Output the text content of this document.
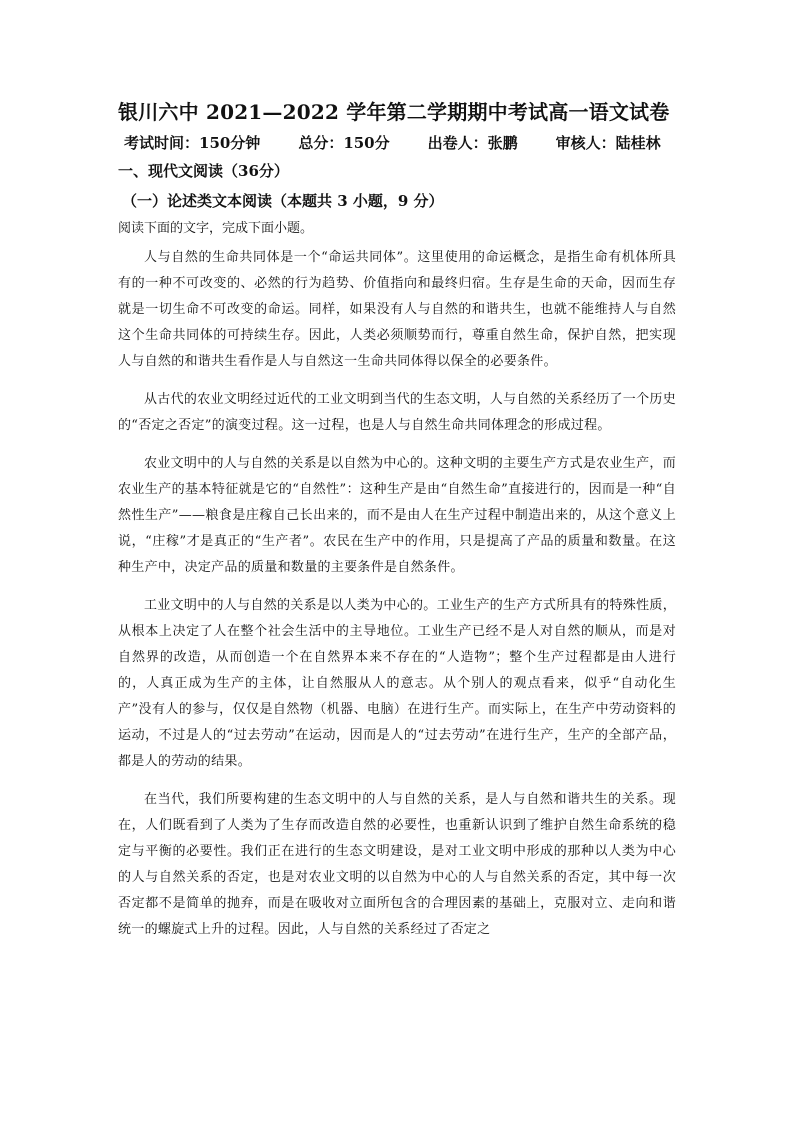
银川六中 2021—2022 学年第二学期期中考试高一语文试卷
考试时间：150分钟	总分：150分	出卷人：张鹏	审核人：陆桂林
一、现代文阅读（36分）
（一）论述类文本阅读（本题共 3 小题，9 分）
阅读下面的文字，完成下面小题。

人与自然的生命共同体是一个“命运共同体”。这里使用的命运概念，是指生命有机体所具有的一种不可改变的、必然的行为趋势、价值指向和最终归宿。生存是生命的天命，因而生存就是一切生命不可改变的命运。同样，如果没有人与自然的和谐共生，也就不能维持人与自然这个生命共同体的可持续生存。因此，人类必须顺势而行，尊重自然生命，保护自然，把实现人与自然的和谐共生看作是人与自然这一生命共同体得以保全的必要条件。

从古代的农业文明经过近代的工业文明到当代的生态文明，人与自然的关系经历了一个历史的“否定之否定”的演变过程。这一过程，也是人与自然生命共同体理念的形成过程。

农业文明中的人与自然的关系是以自然为中心的。这种文明的主要生产方式是农业生产，而农业生产的基本特征就是它的“自然性”：这种生产是由“自然生命”直接进行的，因而是一种“自然性生产”——粮食是庄稼自己长出来的，而不是由人在生产过程中制造出来的，从这个意义上说，“庄稼”才是真正的“生产者”。农民在生产中的作用，只是提高了产品的质量和数量。在这种生产中，决定产品的质量和数量的主要条件是自然条件。

工业文明中的人与自然的关系是以人类为中心的。工业生产的生产方式所具有的特殊性质，从根本上决定了人在整个社会生活中的主导地位。工业生产已经不是人对自然的顺从，而是对自然界的改造，从而创造一个在自然界本来不存在的“人造物”；整个生产过程都是由人进行的，人真正成为生产的主体，让自然服从人的意志。从个别人的观点看来，似乎“自动化生产”没有人的参与，仅仅是自然物（机器、电脑）在进行生产。而实际上，在生产中劳动资料的运动，不过是人的“过去劳动”在运动，因而是人的“过去劳动”在进行生产，生产的全部产品，都是人的劳动的结果。

在当代，我们所要构建的生态文明中的人与自然的关系，是人与自然和谐共生的关系。现在，人们既看到了人类为了生存而改造自然的必要性，也重新认识到了维护自然生命系统的稳定与平衡的必要性。我们正在进行的生态文明建设，是对工业文明中形成的那种以人类为中心的人与自然关系的否定，也是对农业文明的以自然为中心的人与自然关系的否定，其中每一次否定都不是简单的抛弃，而是在吸收对立面所包含的合理因素的基础上，克服对立、走向和谐统一的螺旋式上升的过程。因此，人与自然的关系经过了否定之
